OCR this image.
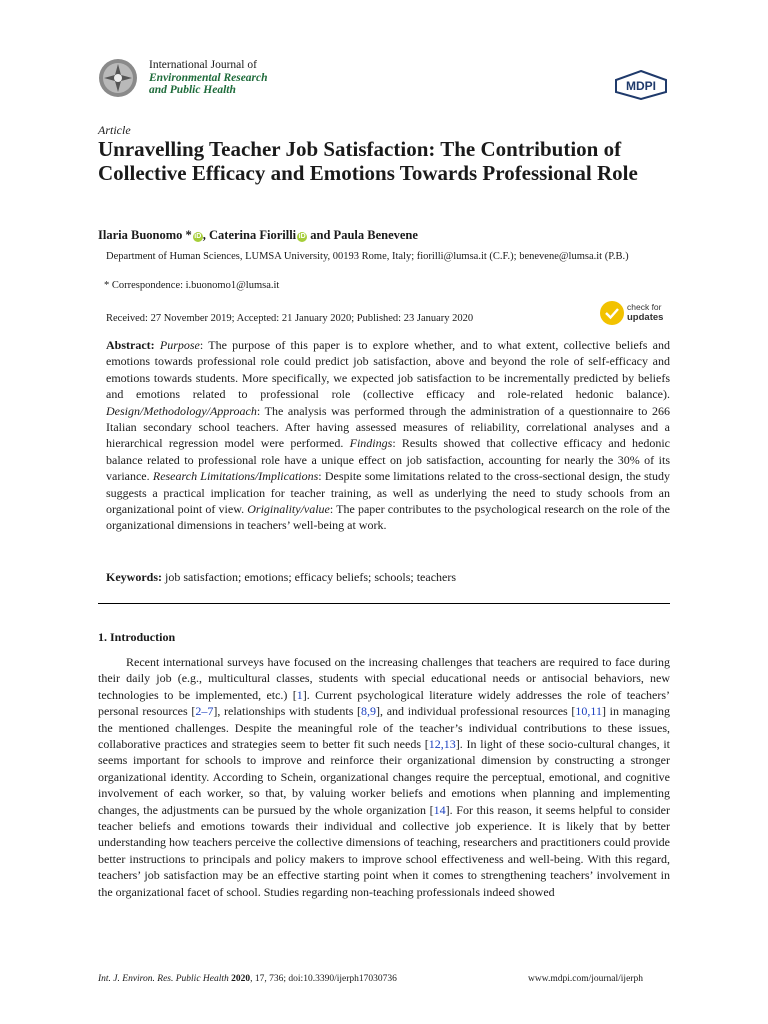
International Journal of
Environmental Research
and Public Health	MDPI
Article
Unravelling Teacher Job Satisfaction: The Contribution of Collective Efficacy and Emotions Towards Professional Role
Ilaria Buonomo * iD , Caterina Fiorilli iD and Paula Benevene
Department of Human Sciences, LUMSA University, 00193 Rome, Italy; fiorilli@lumsa.it (C.F.); benevene@lumsa.it (P.B.)
* Correspondence: i.buonomo1@lumsa.it
Received: 27 November 2019; Accepted: 21 January 2020; Published: 23 January 2020
check for
updates

Abstract: Purpose: The purpose of this paper is to explore whether, and to what extent, collective beliefs and emotions towards professional role could predict job satisfaction, above and beyond the role of self-efficacy and emotions towards students. More specifically, we expected job satisfaction to be incrementally predicted by beliefs and emotions related to professional role (collective efficacy and role-related hedonic balance). Design/Methodology/Approach: The analysis was performed through the administration of a questionnaire to 266 Italian secondary school teachers. After having assessed measures of reliability, correlational analyses and a hierarchical regression model were performed. Findings: Results showed that collective efficacy and hedonic balance related to professional role have a unique effect on job satisfaction, accounting for nearly the 30% of its variance. Research Limitations/Implications: Despite some limitations related to the cross-sectional design, the study suggests a practical implication for teacher training, as well as underlying the need to study schools from an organizational point of view. Originality/value: The paper contributes to the psychological research on the role of the organizational dimensions in teachers’ well-being at work.

Keywords: job satisfaction; emotions; efficacy beliefs; schools; teachers

1. Introduction

Recent international surveys have focused on the increasing challenges that teachers are required to face during their daily job (e.g., multicultural classes, students with special educational needs or antisocial behaviors, new technologies to be implemented, etc.) [1]. Current psychological literature widely addresses the role of teachers’ personal resources [2–7], relationships with students [8,9], and individual professional resources [10,11] in managing the mentioned challenges. Despite the meaningful role of the teacher’s individual contributions to these issues, collaborative practices and strategies seem to better fit such needs [12,13]. In light of these socio-cultural changes, it seems important for schools to improve and reinforce their organizational dimension by constructing a stronger organizational identity. According to Schein, organizational changes require the perceptual, emotional, and cognitive involvement of each worker, so that, by valuing worker beliefs and emotions when planning and implementing changes, the adjustments can be pursued by the whole organization [14]. For this reason, it seems helpful to consider teacher beliefs and emotions towards their individual and collective job experience. It is likely that by better understanding how teachers perceive the collective dimensions of teaching, researchers and practitioners could provide better instructions to principals and policy makers to improve school effectiveness and well-being. With this regard, teachers’ job satisfaction may be an effective starting point when it comes to strengthening teachers’ involvement in the organizational facet of school. Studies regarding non-teaching professionals indeed showed

Int. J. Environ. Res. Public Health 2020, 17, 736; doi:10.3390/ijerph17030736	www.mdpi.com/journal/ijerph
